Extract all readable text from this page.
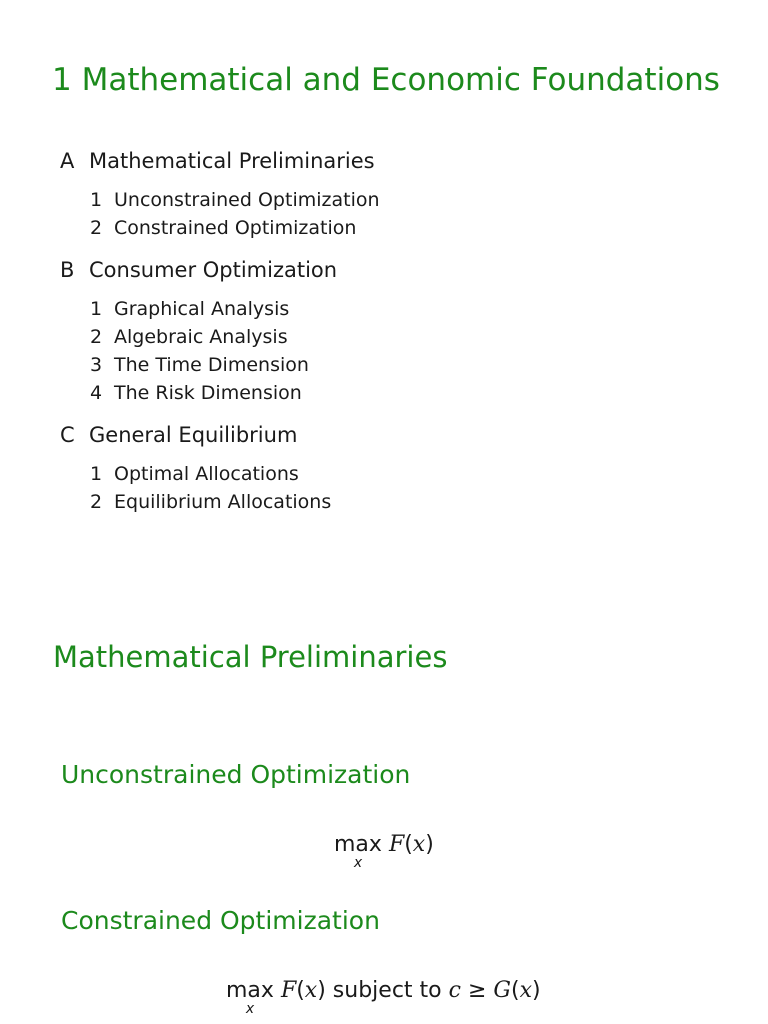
1 Mathematical and Economic Foundations
A Mathematical Preliminaries
1 Unconstrained Optimization
2 Constrained Optimization
B Consumer Optimization
1 Graphical Analysis
2 Algebraic Analysis
3 The Time Dimension
4 The Risk Dimension
C General Equilibrium
1 Optimal Allocations
2 Equilibrium Allocations
Mathematical Preliminaries
Unconstrained Optimization
max
x
F(x)
Constrained Optimization
max
x
F(x) subject to c ≥ G(x)
